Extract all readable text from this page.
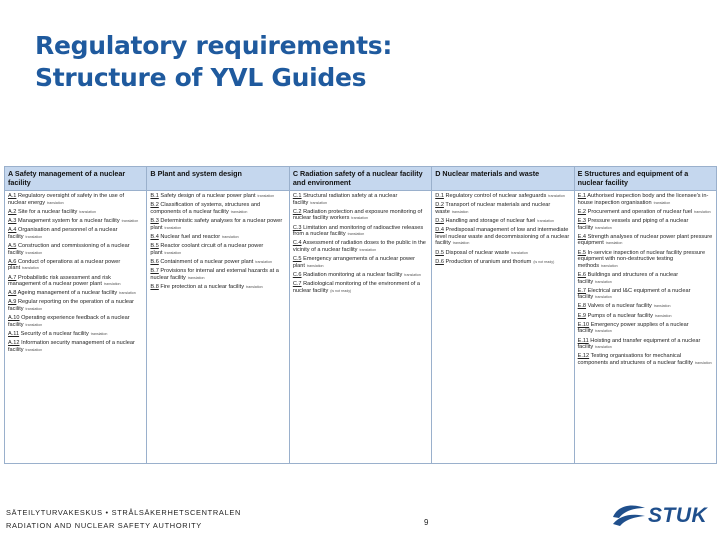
Regulatory requirements:
Structure of YVL Guides
A Safety management of a nuclear facility
A.1 Regulatory oversight of safety in the use of nuclear energy translation
A.2 Site for a nuclear facility translation
A.3 Management system for a nuclear facility translation
A.4 Organisation and personnel of a nuclear facility translation
A.5 Construction and commissioning of a nuclear facility translation
A.6 Conduct of operations at a nuclear power plant translation
A.7 Probabilistic risk assessment and risk management of a nuclear power plant translation
A.8 Ageing management of a nuclear facility translation
A.9 Regular reporting on the operation of a nuclear facility translation
A.10 Operating experience feedback of a nuclear facility translation
A.11 Security of a nuclear facility translation
A.12 Information security management of a nuclear facility translation
B Plant and system design
B.1 Safety design of a nuclear power plant translation
B.2 Classification of systems, structures and components of a nuclear facility translation
B.3 Deterministic safety analyses for a nuclear power plant translation
B.4 Nuclear fuel and reactor translation
B.5 Reactor coolant circuit of a nuclear power plant translation
B.6 Containment of a nuclear power plant translation
B.7 Provisions for internal and external hazards at a nuclear facility translation
B.8 Fire protection at a nuclear facility translation
C Radiation safety of a nuclear facility and environment
C.1 Structural radiation safety at a nuclear facility translation
C.2 Radiation protection and exposure monitoring of nuclear facility workers translation
C.3 Limitation and monitoring of radioactive releases from a nuclear facility translation
C.4 Assessment of radiation doses to the public in the vicinity of a nuclear facility translation
C.5 Emergency arrangements of a nuclear power plant translation
C.6 Radiation monitoring at a nuclear facility translation
C.7 Radiological monitoring of the environment of a nuclear facility (is not ready)
D Nuclear materials and waste
D.1 Regulatory control of nuclear safeguards translation
D.2 Transport of nuclear materials and nuclear waste translation
D.3 Handling and storage of nuclear fuel translation
D.4 Predisposal management of low and intermediate level nuclear waste and decommissioning of a nuclear facility translation
D.5 Disposal of nuclear waste translation
D.6 Production of uranium and thorium (is not ready)
E Structures and equipment of a nuclear facility
E.1 Authorised inspection body and the licensee's in-house inspection organisation translation
E.2 Procurement and operation of nuclear fuel translation
E.3 Pressure vessels and piping of a nuclear facility translation
E.4 Strength analyses of nuclear power plant pressure equipment translation
E.5 In-service inspection of nuclear facility pressure equipment with non-destructive testing methods translation
E.6 Buildings and structures of a nuclear facility translation
E.7 Electrical and I&C equipment of a nuclear facility translation
E.8 Valves of a nuclear facility translation
E.9 Pumps of a nuclear facility translation
E.10 Emergency power supplies of a nuclear facility translation
E.11 Hoisting and transfer equipment of a nuclear facility translation
E.12 Testing organisations for mechanical components and structures of a nuclear facility translation
SÄTEILYTURVAKESKUS • STRÅLSÄKERHETSCENTRALEN
RADIATION AND NUCLEAR SAFETY AUTHORITY	9	STUK
